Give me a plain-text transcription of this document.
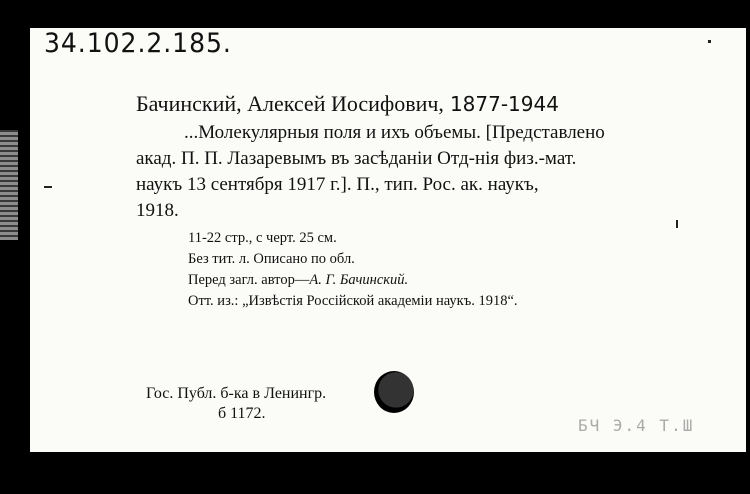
34.102.2.185.
Бачинский, Алексей Иосифович, 1877-1944
...Молекулярныя поля и ихъ объемы. [Представлено
акад. П. П. Лазаревымъ въ засѣданiи Отд-нiя физ.-мат.
наукъ 13 сентября 1917 г.]. П., тип. Рос. ак. наукъ,
1918.
11-22 стр., с черт. 25 см.
Без тит. л. Описано по обл.
Перед загл. автор—А. Г. Бачинский.
Отт. из.: „Извѣстiя Россiйской академiи наукъ. 1918“.
Гос. Публ. б-ка в Ленингр.
б 1172.
БЧ Э.4 Т.Ш
